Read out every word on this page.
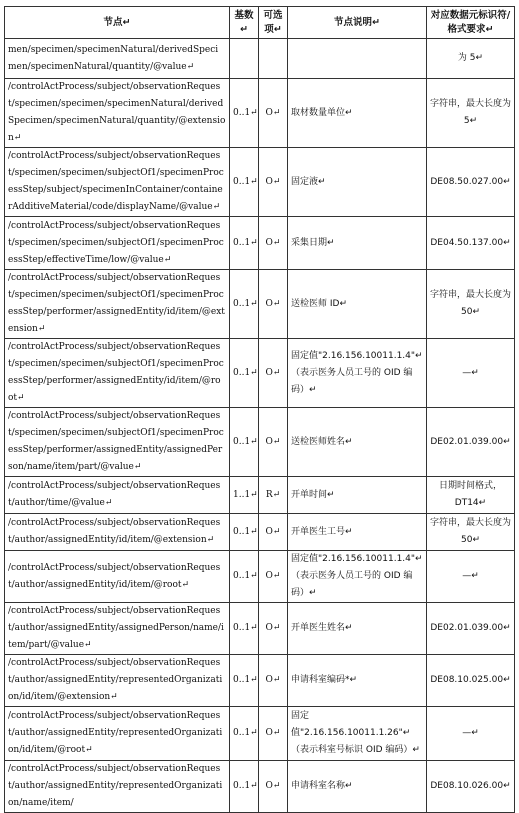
节点↵	基数↵	可选项↵	节点说明↵	对应数据元标识符/格式要求↵
men/specimen/specimenNatural/derivedSpecimen/specimenNatural/quantity/@value↵				为 5↵
/controlActProcess/subject/observationRequest/specimen/specimen/specimenNatural/derivedSpecimen/specimenNatural/quantity/@extension↵	0..1↵	O↵	取材数量单位↵	字符串，最大长度为 5↵
/controlActProcess/subject/observationRequest/specimen/specimen/subjectOf1/specimenProcessStep/subject/specimenInContainer/containerAdditiveMaterial/code/displayName/@value↵	0..1↵	O↵	固定液↵	DE08.50.027.00↵
/controlActProcess/subject/observationRequest/specimen/specimen/subjectOf1/specimenProcessStep/effectiveTime/low/@value↵	0..1↵	O↵	采集日期↵	DE04.50.137.00↵
/controlActProcess/subject/observationRequest/specimen/specimen/subjectOf1/specimenProcessStep/performer/assignedEntity/id/item/@extension↵	0..1↵	O↵	送检医师 ID↵	字符串，最大长度为 50↵
/controlActProcess/subject/observationRequest/specimen/specimen/subjectOf1/specimenProcessStep/performer/assignedEntity/id/item/@root↵	0..1↵	O↵	固定值"2.16.156.10011.1.4"↵（表示医务人员工号的 OID 编码）↵	—↵
/controlActProcess/subject/observationRequest/specimen/specimen/subjectOf1/specimenProcessStep/performer/assignedEntity/assignedPerson/name/item/part/@value↵	0..1↵	O↵	送检医师姓名↵	DE02.01.039.00↵
/controlActProcess/subject/observationRequest/author/time/@value↵	1..1↵	R↵	开单时间↵	日期时间格式，DT14↵
/controlActProcess/subject/observationRequest/author/assignedEntity/id/item/@extension↵	0..1↵	O↵	开单医生工号↵	字符串，最大长度为 50↵
/controlActProcess/subject/observationRequest/author/assignedEntity/id/item/@root↵	0..1↵	O↵	固定值"2.16.156.10011.1.4"↵（表示医务人员工号的 OID 编码）↵	—↵
/controlActProcess/subject/observationRequest/author/assignedEntity/assignedPerson/name/item/part/@value↵	0..1↵	O↵	开单医生姓名↵	DE02.01.039.00↵
/controlActProcess/subject/observationRequest/author/assignedEntity/representedOrganization/id/item/@extension↵	0..1↵	O↵	申请科室编码*↵	DE08.10.025.00↵
/controlActProcess/subject/observationRequest/author/assignedEntity/representedOrganization/id/item/@root↵	0..1↵	O↵	固定值"2.16.156.10011.1.26"↵（表示科室号标识 OID 编码）↵	—↵
/controlActProcess/subject/observationRequest/author/assignedEntity/representedOrganization/name/item/	0..1↵	O↵	申请科室名称↵	DE08.10.026.00↵
